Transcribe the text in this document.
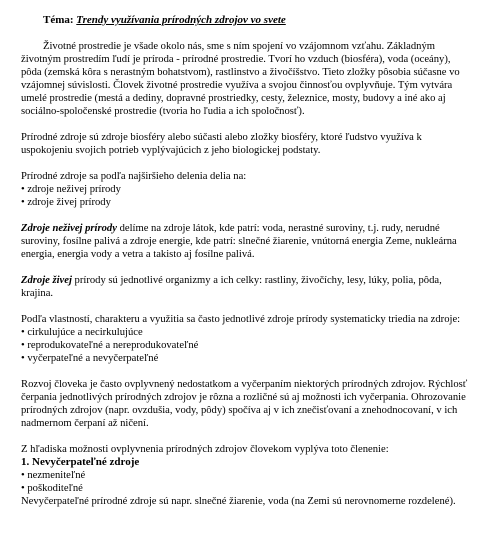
Téma: Trendy využívania prírodných zdrojov vo svete

Životné prostredie je všade okolo nás, sme s ním spojení vo vzájomnom vzťahu. Základným životným prostredím ľudí je príroda - prírodné prostredie. Tvorí ho vzduch (biosféra), voda (oceány), pôda (zemská kôra s nerastným bohatstvom), rastlinstvo a živočíšstvo. Tieto zložky pôsobia súčasne vo vzájomnej súvislosti. Človek životné prostredie využíva a svojou činnosťou ovplyvňuje. Tým vytvára umelé prostredie (mestá a dediny, dopravné prostriedky, cesty, železnice, mosty, budovy a iné ako aj sociálno-spoločenské prostredie (tvoria ho ľudia a ich spoločnosť).

Prírodné zdroje sú zdroje biosféry alebo súčasti alebo zložky biosféry, ktoré ľudstvo využíva k uspokojeniu svojich potrieb vyplývajúcich z jeho biologickej podstaty.

Prírodné zdroje sa podľa najširšieho delenia delia na:

• zdroje neživej prírody
• zdroje živej prírody

Zdroje neživej prírody delíme na zdroje látok, kde patrí: voda, nerastné suroviny, t.j. rudy, nerudné suroviny, fosílne palivá a zdroje energie, kde patrí: slnečné žiarenie, vnútorná energia Zeme, nukleárna energia, energia vody a vetra a takisto aj fosílne palivá.

Zdroje živej prírody sú jednotlivé organizmy a ich celky: rastliny, živočíchy, lesy, lúky, polia, pôda, krajina.

Podľa vlastností, charakteru a využitia sa často jednotlivé zdroje prírody systematicky triedia na zdroje:

• cirkulujúce a necirkulujúce
• reprodukovateľné a nereprodukovateľné
• vyčerpateľné a nevyčerpateľné

Rozvoj človeka je často ovplyvnený nedostatkom a vyčerpaním niektorých prírodných zdrojov. Rýchlosť čerpania jednotlivých prírodných zdrojov je rôzna a rozličné sú aj možnosti ich vyčerpania. Ohrozovanie prírodných zdrojov (napr. ovzdušia, vody, pôdy) spočíva aj v ich znečisťovaní a znehodnocovaní, v ich nadmernom čerpaní až ničení.

Z hľadiska možnosti ovplyvnenia prírodných zdrojov človekom vyplýva toto členenie:

1. Nevyčerpateľné zdroje
• nezmeniteľné
• poškoditeľné

Nevyčerpateľné prírodné zdroje sú napr. slnečné žiarenie, voda (na Zemi sú nerovnomerne rozdelené).
